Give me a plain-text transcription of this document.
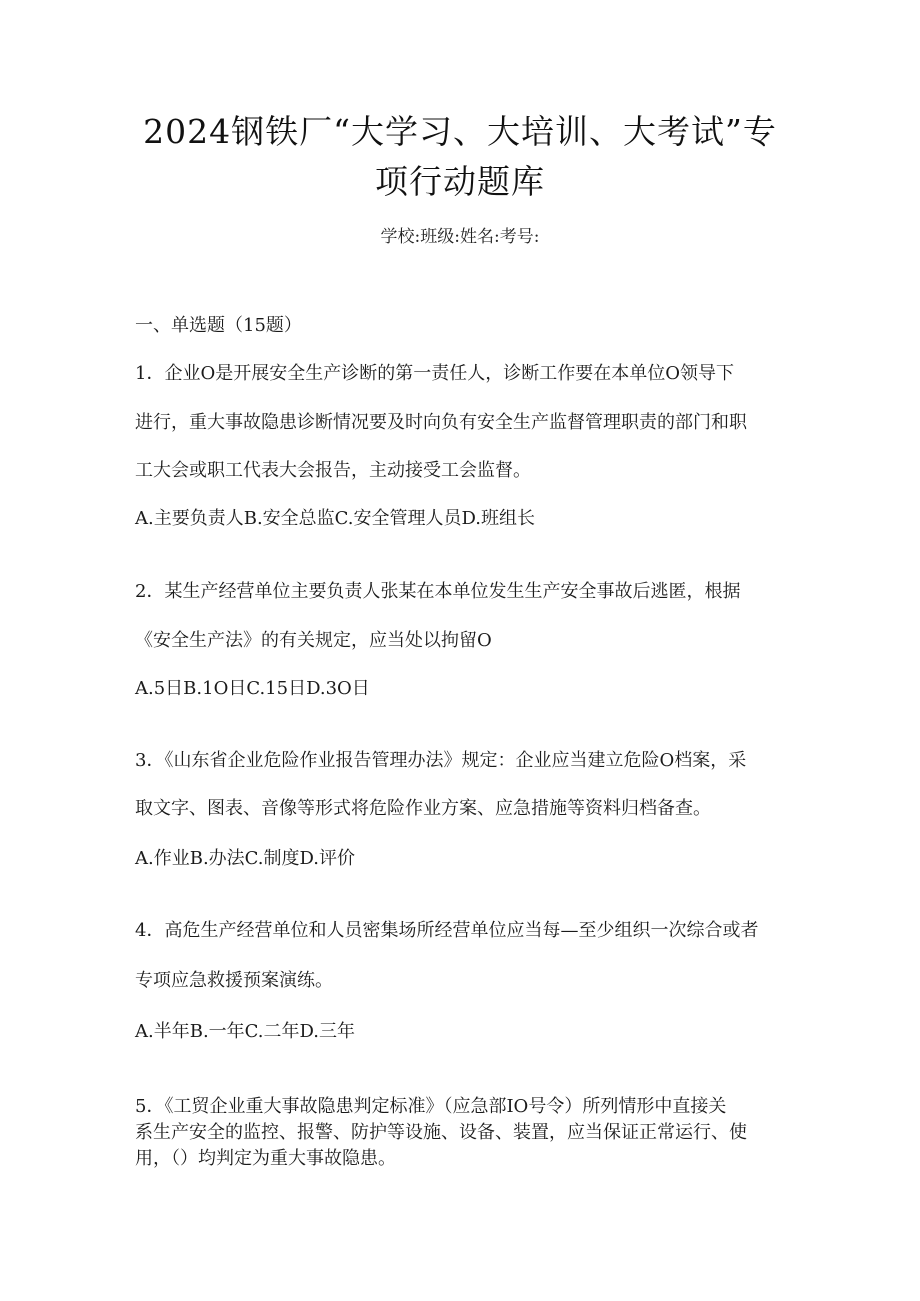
2024钢铁厂“大学习、大培训、大考试”专
项行动题库
学校:班级:姓名:考号:
一、单选题（15题）
1．企业O是开展安全生产诊断的第一责任人，诊断工作要在本单位O领导下
进行，重大事故隐患诊断情况要及时向负有安全生产监督管理职责的部门和职
工大会或职工代表大会报告，主动接受工会监督。
A.主要负责人B.安全总监C.安全管理人员D.班组长
2．某生产经营单位主要负责人张某在本单位发生生产安全事故后逃匿，根据
《安全生产法》的有关规定，应当处以拘留O
A.5日B.1O日C.15日D.3O日
3．《山东省企业危险作业报告管理办法》规定：企业应当建立危险O档案，采
取文字、图表、音像等形式将危险作业方案、应急措施等资料归档备查。
A.作业B.办法C.制度D.评价
4．高危生产经营单位和人员密集场所经营单位应当每—至少组织一次综合或者
专项应急救援预案演练。
A.半年B.一年C.二年D.三年
5．《工贸企业重大事故隐患判定标准》（应急部IO号令）所列情形中直接关
系生产安全的监控、报警、防护等设施、设备、装置，应当保证正常运行、使
用，（）均判定为重大事故隐患。
